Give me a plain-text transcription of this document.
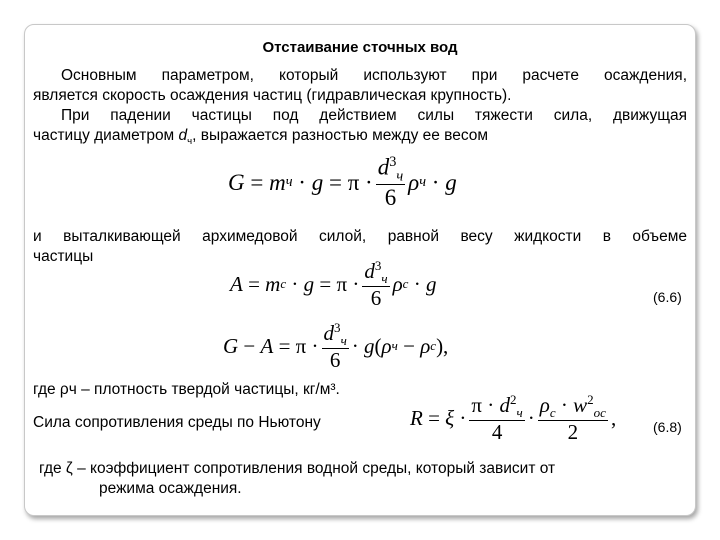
Отстаивание сточных вод
Основным параметром, который используют при расчете осаждения,
является скорость осаждения частиц (гидравлическая крупность).
При падении частицы под действием силы тяжести сила, движущая
частицу диаметром $d_ч$, выражается разностью между ее весом
G = m $ч \cdot g = \pi \cdot \frac{d^3_ч}{6}$ ρ ч · g
и выталкивающей архимедовой силой, равной весу жидкости в объеме
частицы
A = m $c \cdot g = \pi \cdot \frac{d^3_ч}{6}$ ρ c · g
(6.6)
$G - A = \pi \cdot \frac{d^3_ч}{6} \cdot g$ ( ρ ч − ρ c ),
где ρч – плотность твердой частицы, кг/м³.
Сила сопротивления среды по Ньютону	$R = \xi \cdot \frac{\pi \cdot d^2_ч}{4} \cdot \frac{\rho_c \cdot w^2_{oc}}{2}$ ,	(6.8)
где ζ – коэффициент сопротивления водной среды, который зависит от
режима осаждения.
